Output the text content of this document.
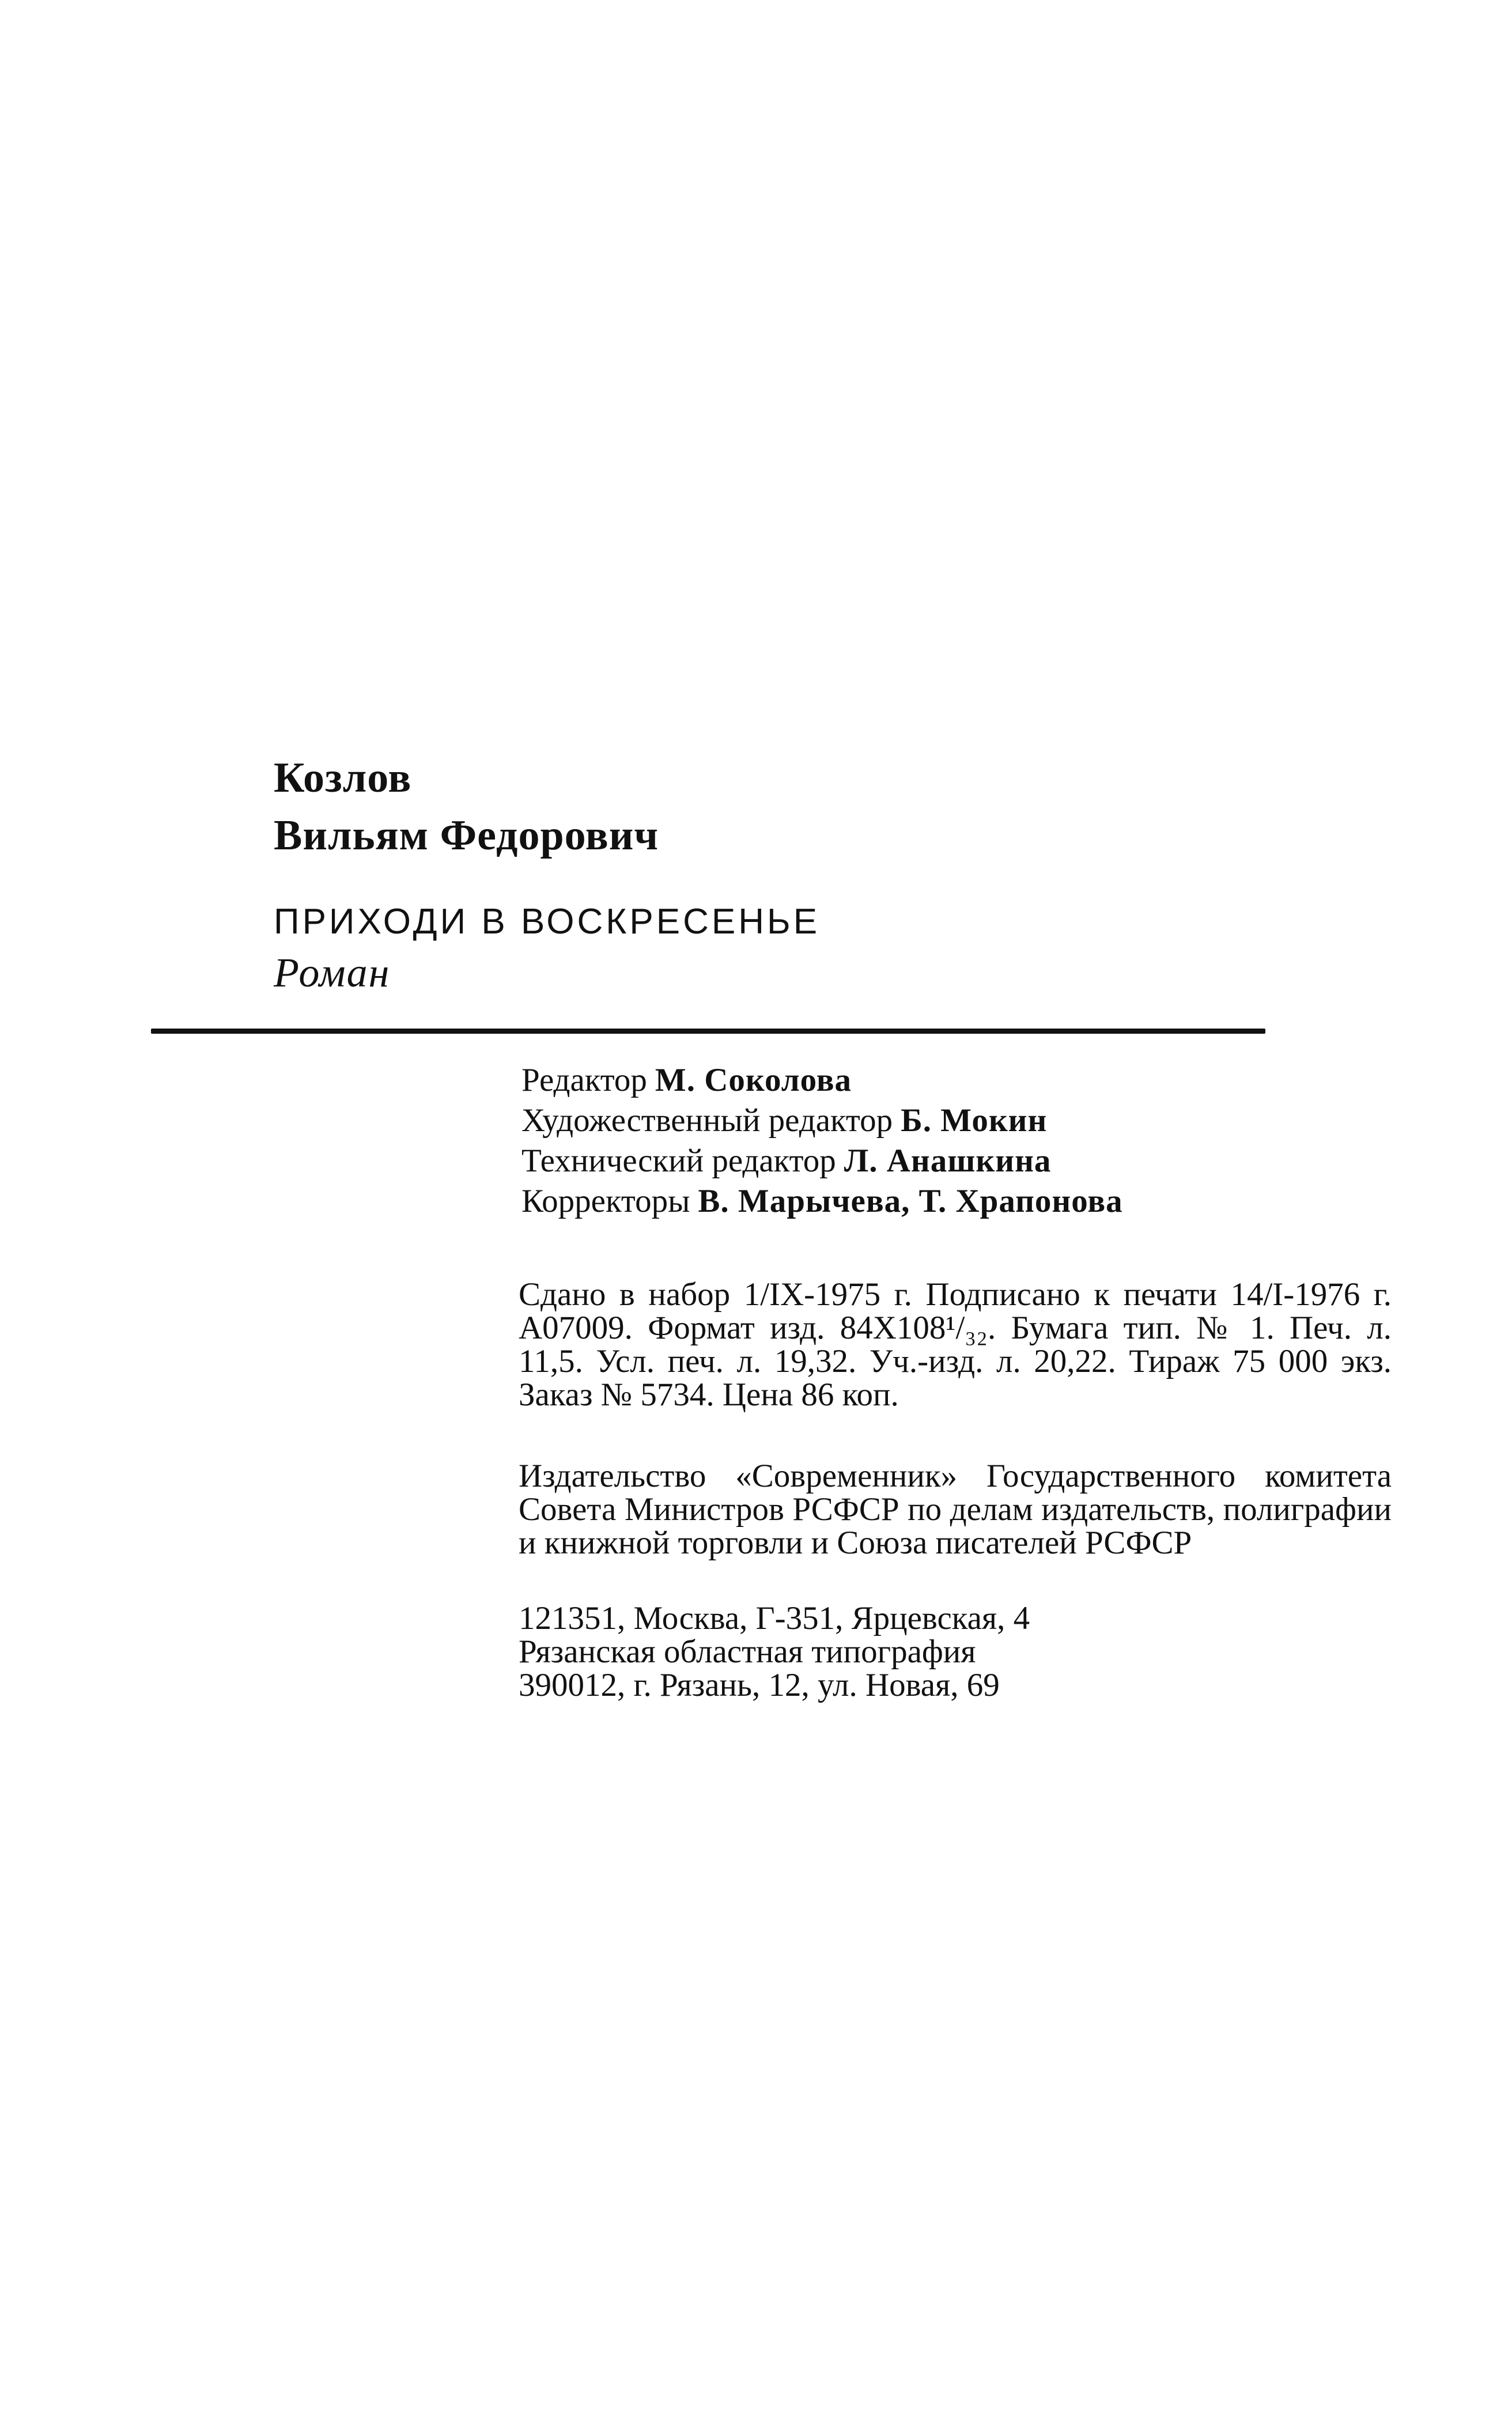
Козлов
Вильям Федорович
ПРИХОДИ В ВОСКРЕСЕНЬЕ
Роман
Редактор М. Соколова
Художественный редактор Б. Мокин
Технический редактор Л. Анашкина
Корректоры В. Марычева, Т. Храпонова

Сдано в набор 1/IX-1975 г. Подписано к печати 14/I-1976 г. А07009. Формат изд. 84X108¹/₃₂. Бумага тип. № 1. Печ. л. 11,5. Усл. печ. л. 19,32. Уч.-изд. л. 20,22. Тираж 75 000 экз. Заказ № 5734. Цена 86 коп.

Издательство «Современник» Государственного комитета Совета Министров РСФСР по делам издательств, полиграфии и книжной торговли и Союза писателей РСФСР

121351, Москва, Г-351, Ярцевская, 4
Рязанская областная типография
390012, г. Рязань, 12, ул. Новая, 69
